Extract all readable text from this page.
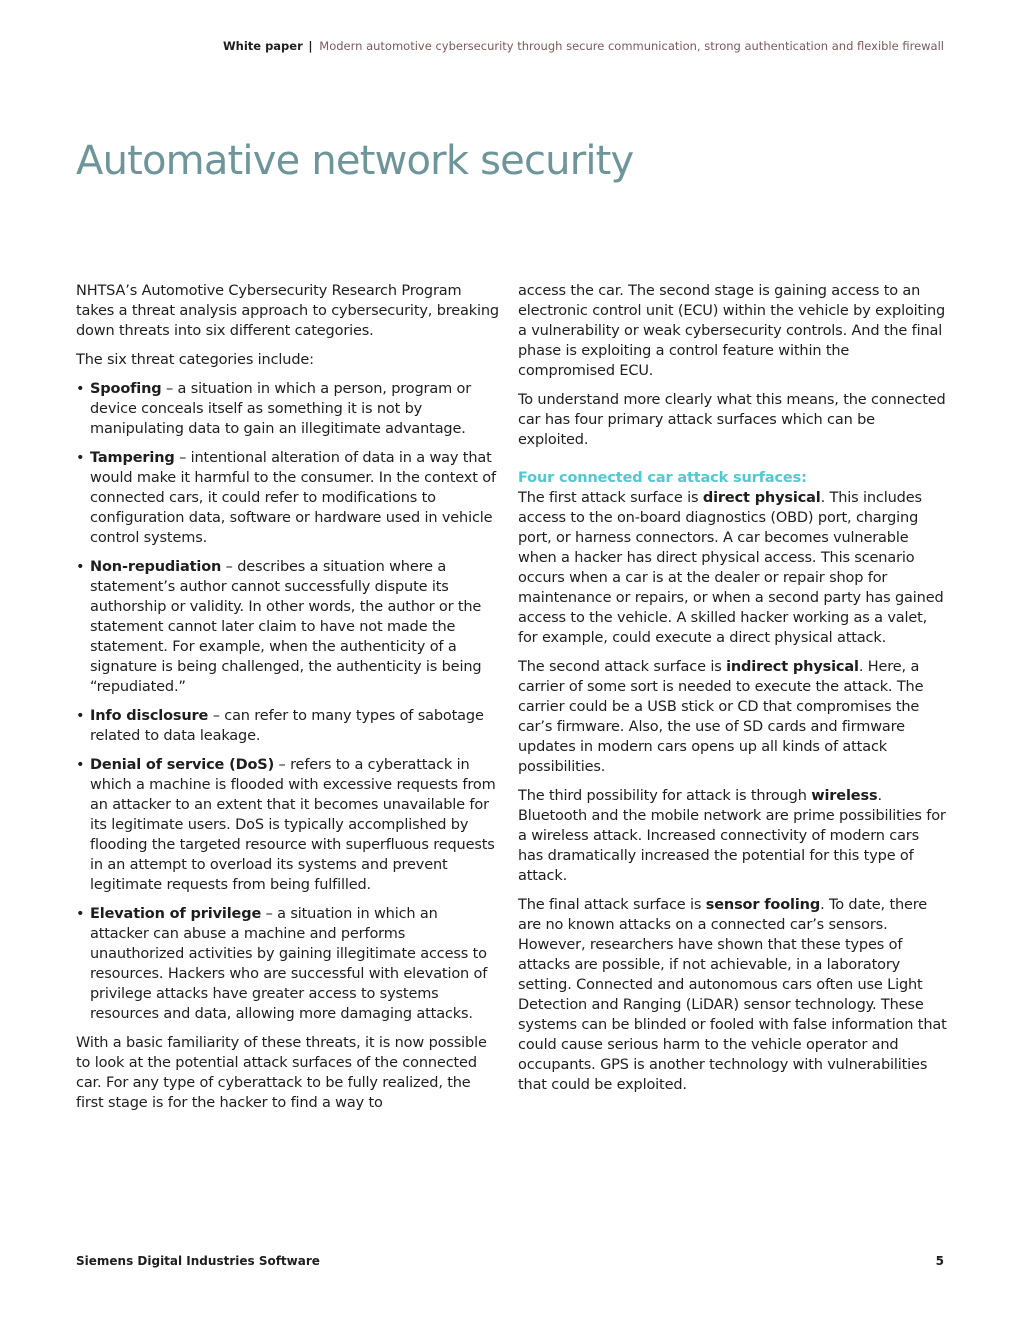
White paper | Modern automotive cybersecurity through secure communication, strong authentication and flexible firewall
Automative network security

NHTSA’s Automotive Cybersecurity Research Program takes a threat analysis approach to cybersecurity, breaking down threats into six different categories.

The six threat categories include:

• Spoofing – a situation in which a person, program or device conceals itself as something it is not by manipulating data to gain an illegitimate advantage.
• Tampering – intentional alteration of data in a way that would make it harmful to the consumer. In the context of connected cars, it could refer to modifications to configuration data, software or hardware used in vehicle control systems.
• Non-repudiation – describes a situation where a statement’s author cannot successfully dispute its authorship or validity. In other words, the author or the statement cannot later claim to have not made the statement. For example, when the authenticity of a signature is being challenged, the authenticity is being “repudiated.”
• Info disclosure – can refer to many types of sabotage related to data leakage.
• Denial of service (DoS) – refers to a cyberattack in which a machine is flooded with excessive requests from an attacker to an extent that it becomes unavailable for its legitimate users. DoS is typically accomplished by flooding the targeted resource with superfluous requests in an attempt to overload its systems and prevent legitimate requests from being fulfilled.
• Elevation of privilege – a situation in which an attacker can abuse a machine and performs unauthorized activities by gaining illegitimate access to resources. Hackers who are successful with elevation of privilege attacks have greater access to systems resources and data, allowing more damaging attacks.

With a basic familiarity of these threats, it is now possible to look at the potential attack surfaces of the connected car. For any type of cyberattack to be fully realized, the first stage is for the hacker to find a way to

access the car. The second stage is gaining access to an electronic control unit (ECU) within the vehicle by exploiting a vulnerability or weak cybersecurity controls. And the final phase is exploiting a control feature within the compromised ECU.

To understand more clearly what this means, the connected car has four primary attack surfaces which can be exploited.

Four connected car attack surfaces:

The first attack surface is direct physical. This includes access to the on-board diagnostics (OBD) port, charging port, or harness connectors. A car becomes vulnerable when a hacker has direct physical access. This scenario occurs when a car is at the dealer or repair shop for maintenance or repairs, or when a second party has gained access to the vehicle. A skilled hacker working as a valet, for example, could execute a direct physical attack.

The second attack surface is indirect physical. Here, a carrier of some sort is needed to execute the attack. The carrier could be a USB stick or CD that compromises the car’s firmware. Also, the use of SD cards and firmware updates in modern cars opens up all kinds of attack possibilities.

The third possibility for attack is through wireless. Bluetooth and the mobile network are prime possibilities for a wireless attack. Increased connectivity of modern cars has dramatically increased the potential for this type of attack.

The final attack surface is sensor fooling. To date, there are no known attacks on a connected car’s sensors. However, researchers have shown that these types of attacks are possible, if not achievable, in a laboratory setting. Connected and autonomous cars often use Light Detection and Ranging (LiDAR) sensor technology. These systems can be blinded or fooled with false information that could cause serious harm to the vehicle operator and occupants. GPS is another technology with vulnerabilities that could be exploited.

Siemens Digital Industries Software	5
